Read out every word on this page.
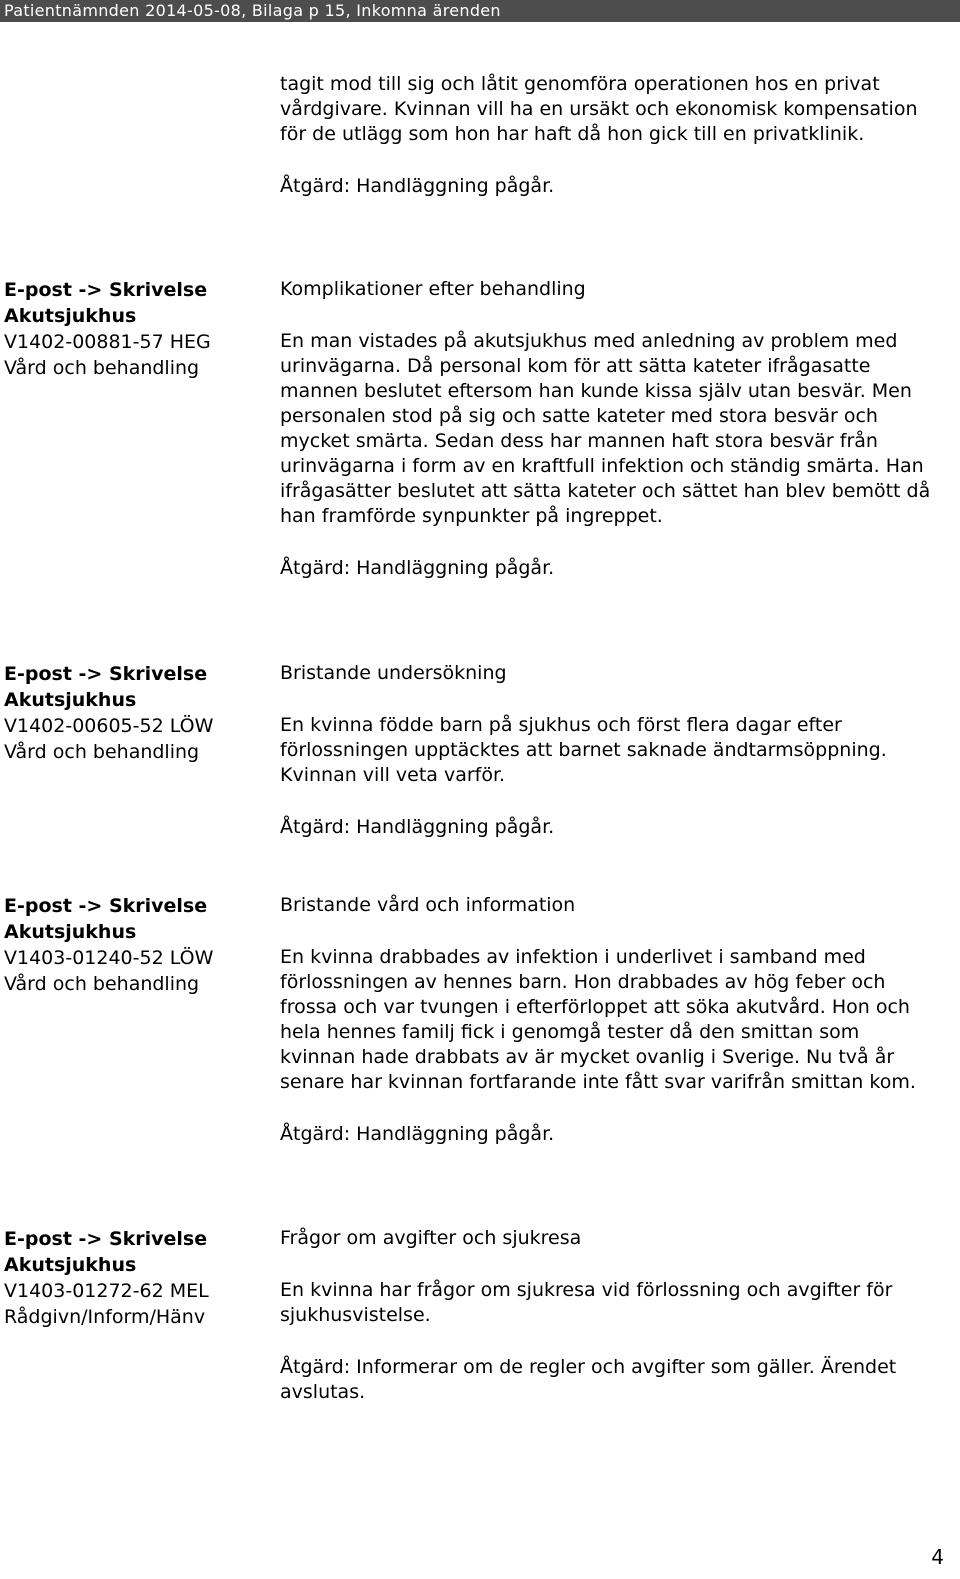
Patientnämnden 2014-05-08, Bilaga p 15, Inkomna ärenden

tagit mod till sig och låtit genomföra operationen hos en privat vårdgivare. Kvinnan vill ha en ursäkt och ekonomisk kompensation för de utlägg som hon har haft då hon gick till en privatklinik.

Åtgärd: Handläggning pågår.

E-post -> Skrivelse
Akutsjukhus
V1402-00881-57 HEG
Vård och behandling

Komplikationer efter behandling

En man vistades på akutsjukhus med anledning av problem med urinvägarna. Då personal kom för att sätta kateter ifrågasatte mannen beslutet eftersom han kunde kissa själv utan besvär. Men personalen stod på sig och satte kateter med stora besvär och mycket smärta. Sedan dess har mannen haft stora besvär från urinvägarna i form av en kraftfull infektion och ständig smärta. Han ifrågasätter beslutet att sätta kateter och sättet han blev bemött då han framförde synpunkter på ingreppet.

Åtgärd: Handläggning pågår.

E-post -> Skrivelse
Akutsjukhus
V1402-00605-52 LÖW
Vård och behandling

Bristande undersökning

En kvinna födde barn på sjukhus och först flera dagar efter förlossningen upptäcktes att barnet saknade ändtarmsöppning. Kvinnan vill veta varför.

Åtgärd: Handläggning pågår.

E-post -> Skrivelse
Akutsjukhus
V1403-01240-52 LÖW
Vård och behandling

Bristande vård och information

En kvinna drabbades av infektion i underlivet i samband med förlossningen av hennes barn. Hon drabbades av hög feber och frossa och var tvungen i efterförloppet att söka akutvård. Hon och hela hennes familj fick i genomgå tester då den smittan som kvinnan hade drabbats av är mycket ovanlig i Sverige. Nu två år senare har kvinnan fortfarande inte fått svar varifrån smittan kom.

Åtgärd: Handläggning pågår.

E-post -> Skrivelse
Akutsjukhus
V1403-01272-62 MEL
Rådgivn/Inform/Hänv

Frågor om avgifter och sjukresa

En kvinna har frågor om sjukresa vid förlossning och avgifter för sjukhusvistelse.

Åtgärd: Informerar om de regler och avgifter som gäller. Ärendet avslutas.

4
